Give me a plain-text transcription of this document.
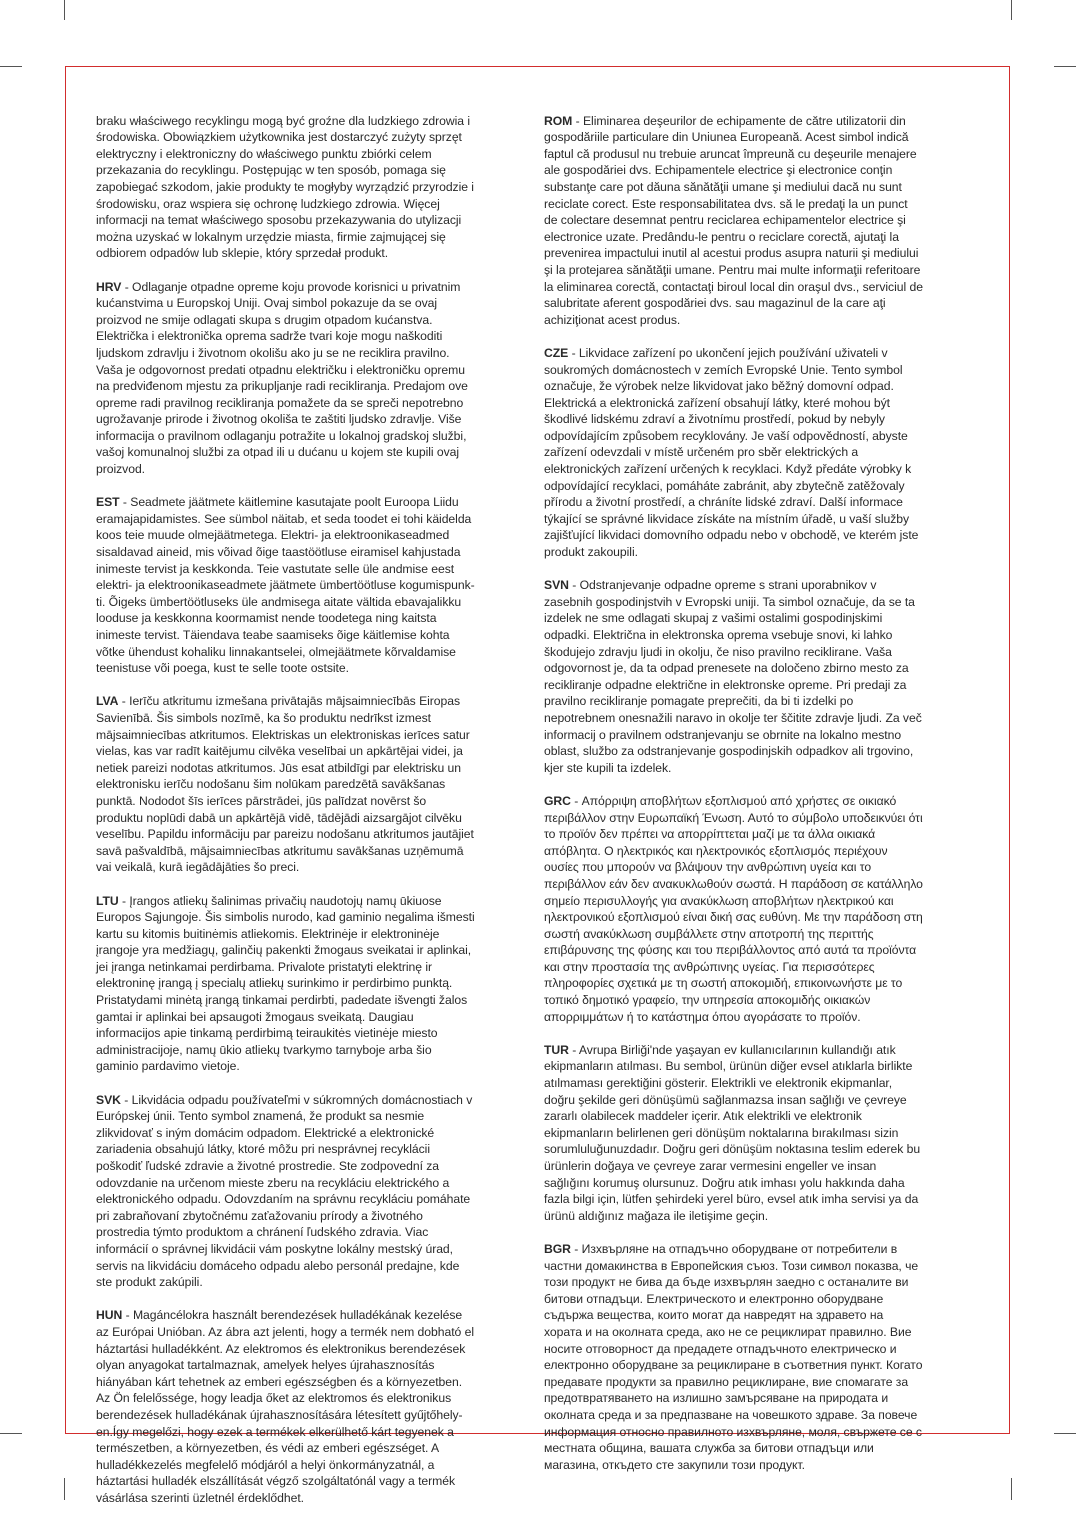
braku właściwego recyklingu mogą być groźne dla ludzkiego zdrowia i
środowiska. Obowiązkiem użytkownika jest dostarczyć zużyty sprzęt
elektryczny i elektroniczny do właściwego punktu zbiórki celem
przekazania do recyklingu. Postępując w ten sposób, pomaga się
zapobiegać szkodom, jakie produkty te mogłyby wyrządzić przyrodzie i
środowisku, oraz wspiera się ochronę ludzkiego zdrowia. Więcej
informacji na temat właściwego sposobu przekazywania do utylizacji
można uzyskać w lokalnym urzędzie miasta, firmie zajmującej się
odbiorem odpadów lub sklepie, który sprzedał produkt.

HRV - Odlaganje otpadne opreme koju provode korisnici u privatnim
kućanstvima u Europskoj Uniji. Ovaj simbol pokazuje da se ovaj
proizvod ne smije odlagati skupa s drugim otpadom kućanstva.
Električka i elektronička oprema sadrže tvari koje mogu naškoditi
ljudskom zdravlju i životnom okolišu ako ju se ne reciklira pravilno.
Vaša je odgovornost predati otpadnu električku i elektroničku opremu
na predviđenom mjestu za prikupljanje radi recikliranja. Predajom ove
opreme radi pravilnog recikliranja pomažete da se spreči nepotrebno
ugrožavanje prirode i životnog okoliša te zaštiti ljudsko zdravlje. Više
informacija o pravilnom odlaganju potražite u lokalnoj gradskoj službi,
vašoj komunalnoj službi za otpad ili u dućanu u kojem ste kupili ovaj
proizvod.

EST - Seadmete jäätmete käitlemine kasutajate poolt Euroopa Liidu
eramajapidamistes. See sümbol näitab, et seda toodet ei tohi käidelda
koos teie muude olmejäätmetega. Elektri- ja elektroonikaseadmed
sisaldavad aineid, mis võivad õige taastöötluse eiramisel kahjustada
inimeste tervist ja keskkonda. Teie vastutate selle üle andmise eest
elektri- ja elektroonikaseadmete jäätmete ümbertöötluse kogumispunk-
ti. Õigeks ümbertöötluseks üle andmisega aitate vältida ebavajalikku
looduse ja keskkonna koormamist nende toodetega ning kaitsta
inimeste tervist. Täiendava teabe saamiseks õige käitlemise kohta
võtke ühendust kohaliku linnakantselei, olmejäätmete kõrvaldamise
teenistuse või poega, kust te selle toote ostsite.

LVA - Ierīču atkritumu izmešana privātajās mājsaimniecībās Eiropas
Savienībā. Šis simbols nozīmē, ka šo produktu nedrīkst izmest
mājsaimniecības atkritumos. Elektriskas un elektroniskas ierīces satur
vielas, kas var radīt kaitējumu cilvēka veselībai un apkārtējai videi, ja
netiek pareizi nodotas atkritumos. Jūs esat atbildīgi par elektrisku un
elektronisku ierīču nodošanu šim nolūkam paredzētā savākšanas
punktā. Nododot šīs ierīces pārstrādei, jūs palīdzat novērst šo
produktu noplūdi dabā un apkārtējā vidē, tādējādi aizsargājot cilvēku
veselību. Papildu informāciju par pareizu nodošanu atkritumos jautājiet
savā pašvaldībā, mājsaimniecības atkritumu savākšanas uzņēmumā
vai veikalā, kurā iegādājāties šo preci.

LTU - Įrangos atliekų šalinimas privačių naudotojų namų ūkiuose
Europos Sąjungoje. Šis simbolis nurodo, kad gaminio negalima išmesti
kartu su kitomis buitinėmis atliekomis. Elektrinėje ir elektroninėje
įrangoje yra medžiagų, galinčių pakenkti žmogaus sveikatai ir aplinkai,
jei įranga netinkamai perdirbama. Privalote pristatyti elektrinę ir
elektroninę įrangą į specialų atliekų surinkimo ir perdirbimo punktą.
Pristatydami minėtą įrangą tinkamai perdirbti, padedate išvengti žalos
gamtai ir aplinkai bei apsaugoti žmogaus sveikatą. Daugiau
informacijos apie tinkamą perdirbimą teiraukitės vietinėje miesto
administracijoje, namų ūkio atliekų tvarkymo tarnyboje arba šio
gaminio pardavimo vietoje.

SVK - Likvidácia odpadu používateľmi v súkromných domácnostiach v
Európskej únii. Tento symbol znamená, že produkt sa nesmie
zlikvidovať s iným domácim odpadom. Elektrické a elektronické
zariadenia obsahujú látky, ktoré môžu pri nesprávnej recyklácii
poškodiť ľudské zdravie a životné prostredie. Ste zodpovední za
odovzdanie na určenom mieste zberu na recykláciu elektrického a
elektronického odpadu. Odovzdaním na správnu recykláciu pomáhate
pri zabraňovaní zbytočnému zaťažovaniu prírody a životného
prostredia týmto produktom a chránení ľudského zdravia. Viac
informácií o správnej likvidácii vám poskytne lokálny mestský úrad,
servis na likvidáciu domáceho odpadu alebo personál predajne, kde
ste produkt zakúpili.

HUN - Magáncélokra használt berendezések hulladékának kezelése
az Európai Unióban. Az ábra azt jelenti, hogy a termék nem dobható el
háztartási hulladékként. Az elektromos és elektronikus berendezések
olyan anyagokat tartalmaznak, amelyek helyes újrahasznosítás
hiányában kárt tehetnek az emberi egészségben és a környezetben.
Az Ön felelőssége, hogy leadja őket az elektromos és elektronikus
berendezések hulladékának újrahasznosítására létesített gyűjtőhely-
en.Így megelőzi, hogy ezek a termékek elkerülhető kárt tegyenek a
természetben, a környezetben, és védi az emberi egészséget. A
hulladékkezelés megfelelő módjáról a helyi önkormányzatnál, a
háztartási hulladék elszállítását végző szolgáltatónál vagy a termék
vásárlása szerinti üzletnél érdeklődhet.

ROM - Eliminarea deşeurilor de echipamente de către utilizatorii din
gospodăriile particulare din Uniunea Europeană. Acest simbol indică
faptul că produsul nu trebuie aruncat împreună cu deşeurile menajere
ale gospodăriei dvs. Echipamentele electrice şi electronice conţin
substanţe care pot dăuna sănătăţii umane şi mediului dacă nu sunt
reciclate corect. Este responsabilitatea dvs. să le predaţi la un punct
de colectare desemnat pentru reciclarea echipamentelor electrice şi
electronice uzate. Predându-le pentru o reciclare corectă, ajutaţi la
prevenirea impactului inutil al acestui produs asupra naturii şi mediului
şi la protejarea sănătăţii umane. Pentru mai multe informaţii referitoare
la eliminarea corectă, contactaţi biroul local din oraşul dvs., serviciul de
salubritate aferent gospodăriei dvs. sau magazinul de la care aţi
achiziţionat acest produs.

CZE - Likvidace zařízení po ukončení jejich používání uživateli v
soukromých domácnostech v zemích Evropské Unie. Tento symbol
označuje, že výrobek nelze likvidovat jako běžný domovní odpad.
Elektrická a elektronická zařízení obsahují látky, které mohou být
škodlivé lidskému zdraví a životnímu prostředí, pokud by nebyly
odpovídajícím způsobem recyklovány. Je vaší odpovědností, abyste
zařízení odevzdali v místě určeném pro sběr elektrických a
elektronických zařízení určených k recyklaci. Když předáte výrobky k
odpovídající recyklaci, pomáháte zabránit, aby zbytečně zatěžovaly
přírodu a životní prostředí, a chráníte lidské zdraví. Další informace
týkající se správné likvidace získáte na místním úřadě, u vaší služby
zajišťující likvidaci domovního odpadu nebo v obchodě, ve kterém jste
produkt zakoupili.

SVN - Odstranjevanje odpadne opreme s strani uporabnikov v
zasebnih gospodinjstvih v Evropski uniji. Ta simbol označuje, da se ta
izdelek ne sme odlagati skupaj z vašimi ostalimi gospodinjskimi
odpadki. Električna in elektronska oprema vsebuje snovi, ki lahko
škodujejo zdravju ljudi in okolju, če niso pravilno reciklirane. Vaša
odgovornost je, da ta odpad prenesete na določeno zbirno mesto za
recikliranje odpadne električne in elektronske opreme. Pri predaji za
pravilno recikliranje pomagate preprečiti, da bi ti izdelki po
nepotrebnem onesnažili naravo in okolje ter ščitite zdravje ljudi. Za več
informacij o pravilnem odstranjevanju se obrnite na lokalno mestno
oblast, službo za odstranjevanje gospodinjskih odpadkov ali trgovino,
kjer ste kupili ta izdelek.

GRC - Απόρριψη αποβλήτων εξοπλισμού από χρήστες σε οικιακό
περιβάλλον στην Ευρωπαϊκή Ένωση. Αυτό το σύμβολο υποδεικνύει ότι
το προϊόν δεν πρέπει να απορρίπτεται μαζί με τα άλλα οικιακά
απόβλητα. Ο ηλεκτρικός και ηλεκτρονικός εξοπλισμός περιέχουν
ουσίες που μπορούν να βλάψουν την ανθρώπινη υγεία και το
περιβάλλον εάν δεν ανακυκλωθούν σωστά. Η παράδοση σε κατάλληλο
σημείο περισυλλογής για ανακύκλωση αποβλήτων ηλεκτρικού και
ηλεκτρονικού εξοπλισμού είναι δική σας ευθύνη. Με την παράδοση στη
σωστή ανακύκλωση συμβάλλετε στην αποτροπή της περιττής
επιβάρυνσης της φύσης και του περιβάλλοντος από αυτά τα προϊόντα
και στην προστασία της ανθρώπινης υγείας. Για περισσότερες
πληροφορίες σχετικά με τη σωστή αποκομιδή, επικοινωνήστε με το
τοπικό δημοτικό γραφείο, την υπηρεσία αποκομιδής οικιακών
απορριμμάτων ή το κατάστημα όπου αγοράσατε το προϊόν.

TUR - Avrupa Birliği'nde yaşayan ev kullanıcılarının kullandığı atık
ekipmanların atılması. Bu sembol, ürünün diğer evsel atıklarla birlikte
atılmaması gerektiğini gösterir. Elektrikli ve elektronik ekipmanlar,
doğru şekilde geri dönüşümü sağlanmazsa insan sağlığı ve çevreye
zararlı olabilecek maddeler içerir. Atık elektrikli ve elektronik
ekipmanların belirlenen geri dönüşüm noktalarına bırakılması sizin
sorumluluğunuzdadır. Doğru geri dönüşüm noktasına teslim ederek bu
ürünlerin doğaya ve çevreye zarar vermesini engeller ve insan
sağlığını korumuş olursunuz. Doğru atık imhası yolu hakkında daha
fazla bilgi için, lütfen şehirdeki yerel büro, evsel atık imha servisi ya da
ürünü aldığınız mağaza ile iletişime geçin.

BGR - Изхвърляне на отпадъчно оборудване от потребители в
частни домакинства в Европейския съюз. Този символ показва, че
този продукт не бива да бъде изхвърлян заедно с останалите ви
битови отпадъци. Електрическото и електронно оборудване
съдържа вещества, които могат да навредят на здравето на
хората и на околната среда, ако не се рециклират правилно. Вие
носите отговорност да предадете отпадъчното електрическо и
електронно оборудване за рециклиране в съответния пункт. Когато
предавате продукти за правилно рециклиране, вие спомагате за
предотвратяването на излишно замърсяване на природата и
околната среда и за предпазване на човешкото здраве. За повече
информация относно правилното изхвърляне, моля, свържете се с
местната община, вашата служба за битови отпадъци или
магазина, откъдето сте закупили този продукт.
